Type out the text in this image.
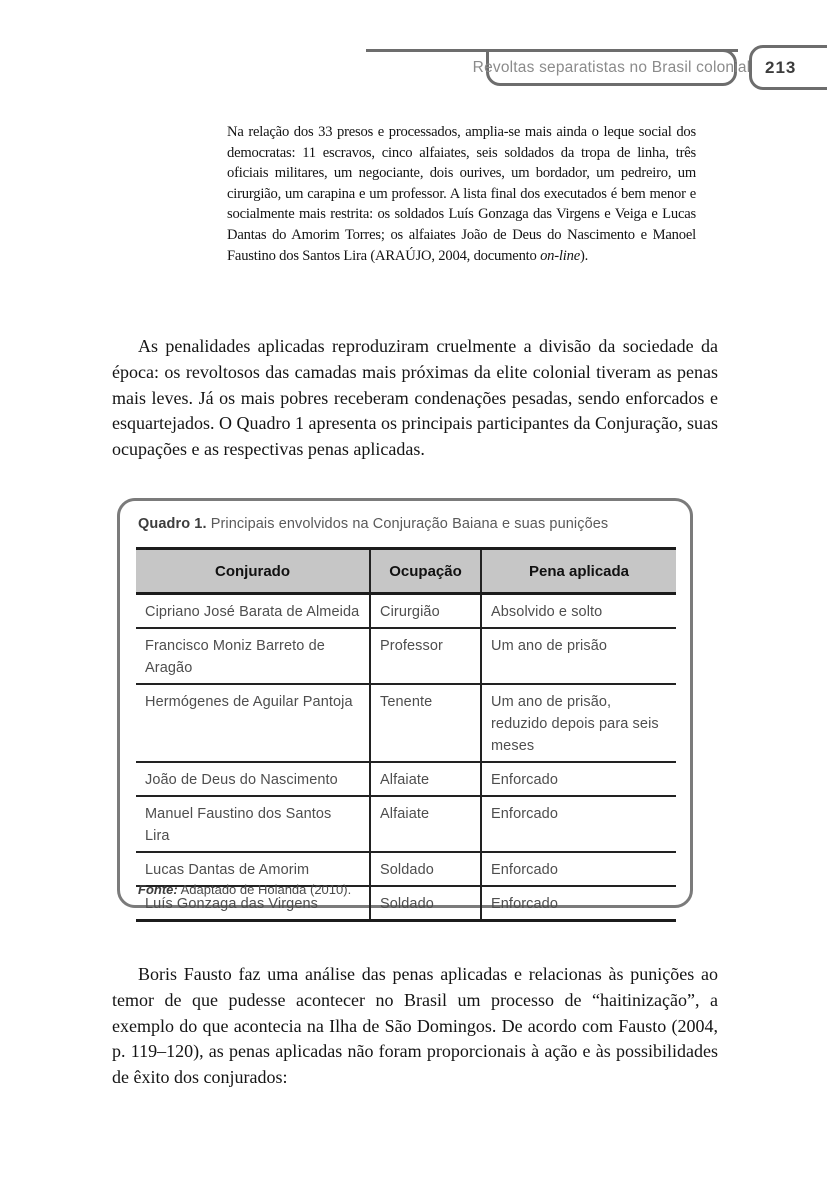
Revoltas separatistas no Brasil colonial 213
Na relação dos 33 presos e processados, amplia-se mais ainda o leque social dos democratas: 11 escravos, cinco alfaiates, seis soldados da tropa de linha, três oficiais militares, um negociante, dois ourives, um bordador, um pedreiro, um cirurgião, um carapina e um professor. A lista final dos executados é bem menor e socialmente mais restrita: os soldados Luís Gonzaga das Virgens e Veiga e Lucas Dantas do Amorim Torres; os alfaiates João de Deus do Nascimento e Manoel Faustino dos Santos Lira (ARAÚJO, 2004, documento on-line).
As penalidades aplicadas reproduziram cruelmente a divisão da sociedade da época: os revoltosos das camadas mais próximas da elite colonial tiveram as penas mais leves. Já os mais pobres receberam condenações pesadas, sendo enforcados e esquartejados. O Quadro 1 apresenta os principais participantes da Conjuração, suas ocupações e as respectivas penas aplicadas.
Quadro 1. Principais envolvidos na Conjuração Baiana e suas punições
Conjurado	Ocupação	Pena aplicada
Cipriano José Barata de Almeida	Cirurgião	Absolvido e solto
Francisco Moniz Barreto de Aragão	Professor	Um ano de prisão
Hermógenes de Aguilar Pantoja	Tenente	Um ano de prisão, reduzido depois para seis meses
João de Deus do Nascimento	Alfaiate	Enforcado
Manuel Faustino dos Santos Lira	Alfaiate	Enforcado
Lucas Dantas de Amorim	Soldado	Enforcado
Luís Gonzaga das Virgens	Soldado	Enforcado
Fonte: Adaptado de Holanda (2010).
Boris Fausto faz uma análise das penas aplicadas e relacionas às punições ao temor de que pudesse acontecer no Brasil um processo de “haitinização”, a exemplo do que acontecia na Ilha de São Domingos. De acordo com Fausto (2004, p. 119–120), as penas aplicadas não foram proporcionais à ação e às possibilidades de êxito dos conjurados:
